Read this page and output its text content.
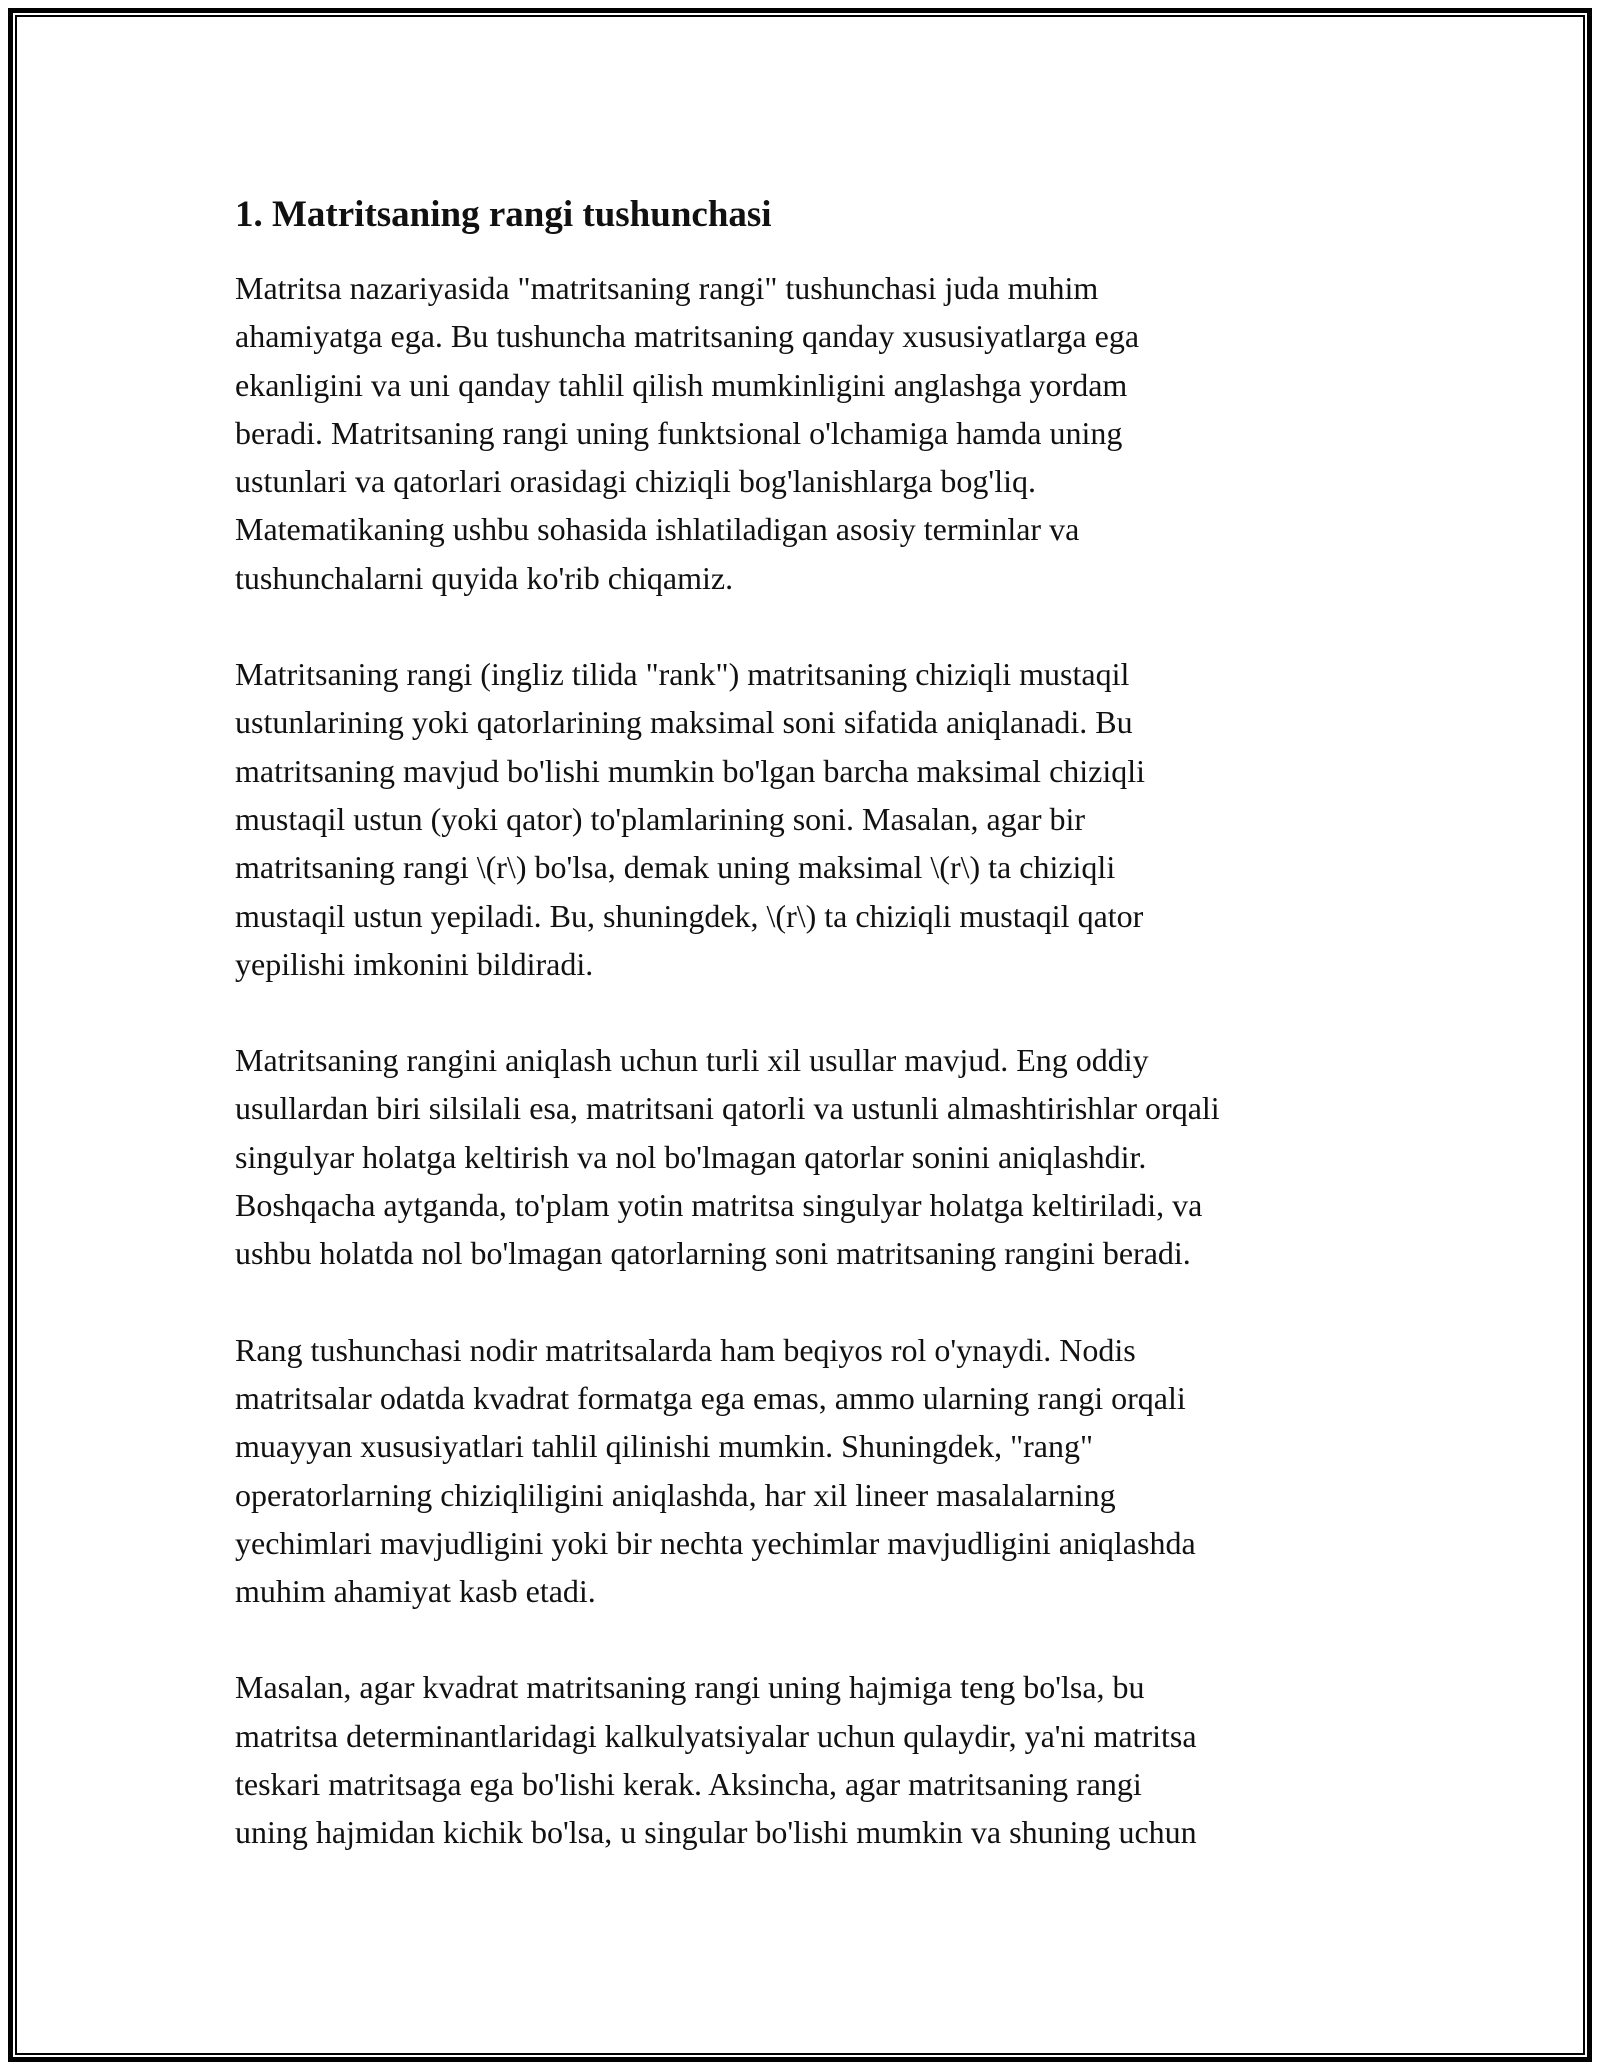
1. Matritsaning rangi tushunchasi

Matritsa nazariyasida "matritsaning rangi" tushunchasi juda muhim
ahamiyatga ega. Bu tushuncha matritsaning qanday xususiyatlarga ega
ekanligini va uni qanday tahlil qilish mumkinligini anglashga yordam
beradi. Matritsaning rangi uning funktsional o'lchamiga hamda uning
ustunlari va qatorlari orasidagi chiziqli bog'lanishlarga bog'liq.
Matematikaning ushbu sohasida ishlatiladigan asosiy terminlar va
tushunchalarni quyida ko'rib chiqamiz.

Matritsaning rangi (ingliz tilida "rank") matritsaning chiziqli mustaqil
ustunlarining yoki qatorlarining maksimal soni sifatida aniqlanadi. Bu
matritsaning mavjud bo'lishi mumkin bo'lgan barcha maksimal chiziqli
mustaqil ustun (yoki qator) to'plamlarining soni. Masalan, agar bir
matritsaning rangi \(r\) bo'lsa, demak uning maksimal \(r\) ta chiziqli
mustaqil ustun yepiladi. Bu, shuningdek, \(r\) ta chiziqli mustaqil qator
yepilishi imkonini bildiradi.

Matritsaning rangini aniqlash uchun turli xil usullar mavjud. Eng oddiy
usullardan biri silsilali esa, matritsani qatorli va ustunli almashtirishlar orqali
singulyar holatga keltirish va nol bo'lmagan qatorlar sonini aniqlashdir.
Boshqacha aytganda, to'plam yotin matritsa singulyar holatga keltiriladi, va
ushbu holatda nol bo'lmagan qatorlarning soni matritsaning rangini beradi.

Rang tushunchasi nodir matritsalarda ham beqiyos rol o'ynaydi. Nodis
matritsalar odatda kvadrat formatga ega emas, ammo ularning rangi orqali
muayyan xususiyatlari tahlil qilinishi mumkin. Shuningdek, "rang"
operatorlarning chiziqliligini aniqlashda, har xil lineer masalalarning
yechimlari mavjudligini yoki bir nechta yechimlar mavjudligini aniqlashda
muhim ahamiyat kasb etadi.

Masalan, agar kvadrat matritsaning rangi uning hajmiga teng bo'lsa, bu
matritsa determinantlaridagi kalkulyatsiyalar uchun qulaydir, ya'ni matritsa
teskari matritsaga ega bo'lishi kerak. Aksincha, agar matritsaning rangi
uning hajmidan kichik bo'lsa, u singular bo'lishi mumkin va shuning uchun
